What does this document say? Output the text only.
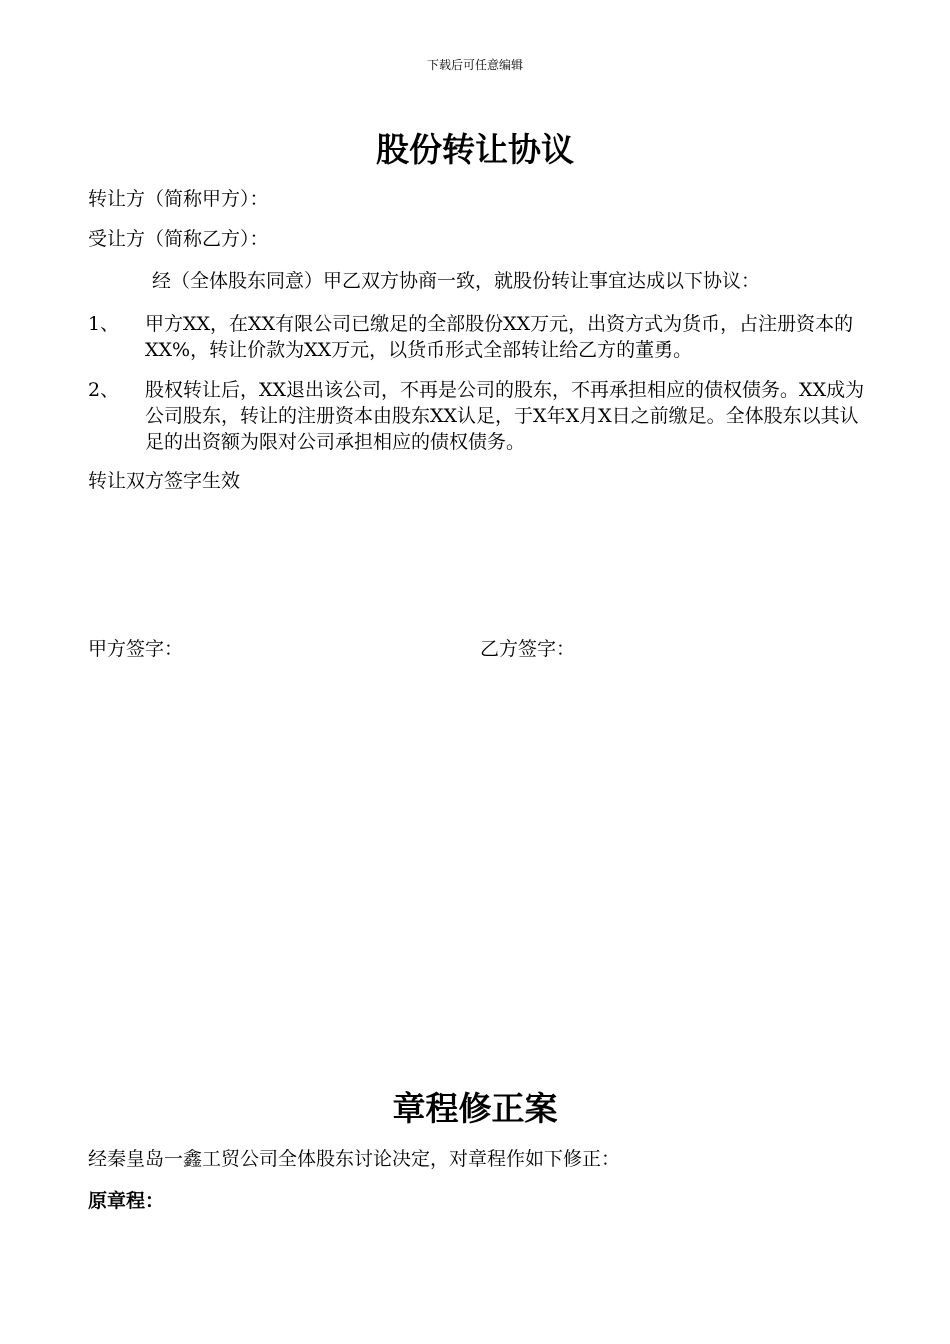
下载后可任意编辑
股份转让协议
转让方（简称甲方）：
受让方（简称乙方）：
经（全体股东同意）甲乙双方协商一致，就股份转让事宜达成以下协议：
1、 甲方XX，在XX有限公司已缴足的全部股份XX万元，出资方式为货币，占注册资本的XX%，转让价款为XX万元，以货币形式全部转让给乙方的董勇。
2、 股权转让后，XX退出该公司，不再是公司的股东，不再承担相应的债权债务。XX成为公司股东，转让的注册资本由股东XX认足，于X年X月X日之前缴足。全体股东以其认足的出资额为限对公司承担相应的债权债务。
转让双方签字生效
甲方签字：	乙方签字：
章程修正案
经秦皇岛一鑫工贸公司全体股东讨论决定，对章程作如下修正：
原章程：
